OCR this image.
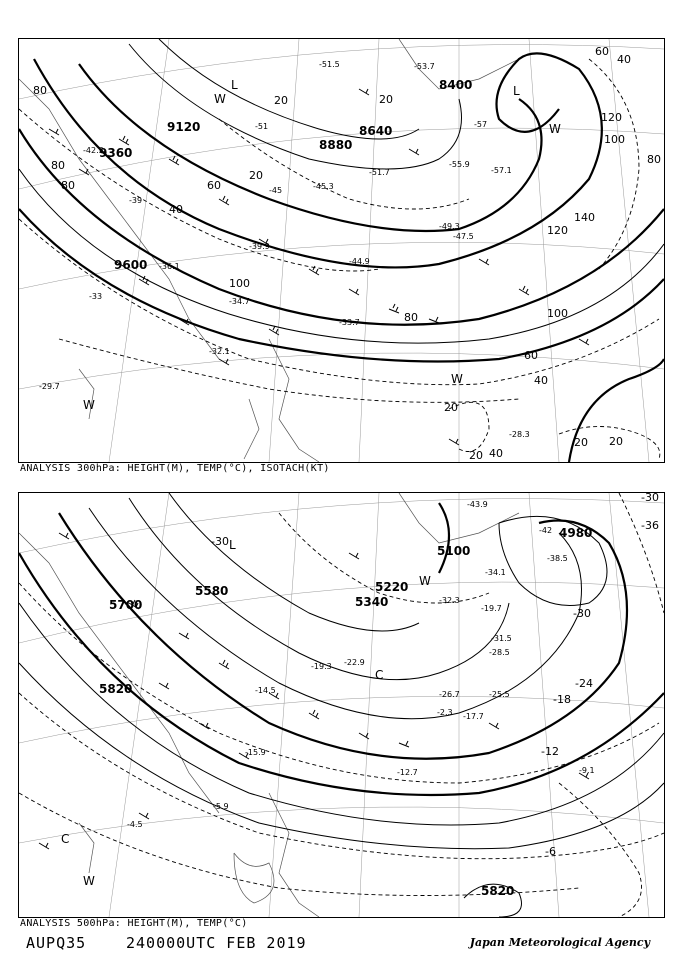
9360
9120
8880
8640
8400
9600
80
80
20	20
20
60
80
100
100
120
120
140
100
80
60
40
20
20
20
40
80
60
40
40
20
-51.5	-53.7
-55.9
-57.1
-47.5
-45.3
-49.3
-51.7
-44.9
-42.3
-39.9
-36.1
-34.7
-33.7
-32.1
-29.7
-28.3
-33
-39
-45
-51	-57
L	L
W
W
W
W
ANALYSIS 300hPa: HEIGHT(M), TEMP(°C), ISOTACH(KT)
5100
4980
5340
5220
5580
5700
5820
5820
-30
-36
-30
-24
-18
-12
-6
-30
-43.9
-42
-38.5
-34.1
-32.3
-31.5
-28.5
-25.5
-26.7
-22.9
-17.7
-19.3
-14.5
-12.7	-9.1
-5.9
-4.5
-2.3
-19.7
-15.9
L
C
C
W
W
ANALYSIS 500hPa: HEIGHT(M), TEMP(°C)
AUPQ35	240000UTC FEB 2019	Japan Meteorological Agency
